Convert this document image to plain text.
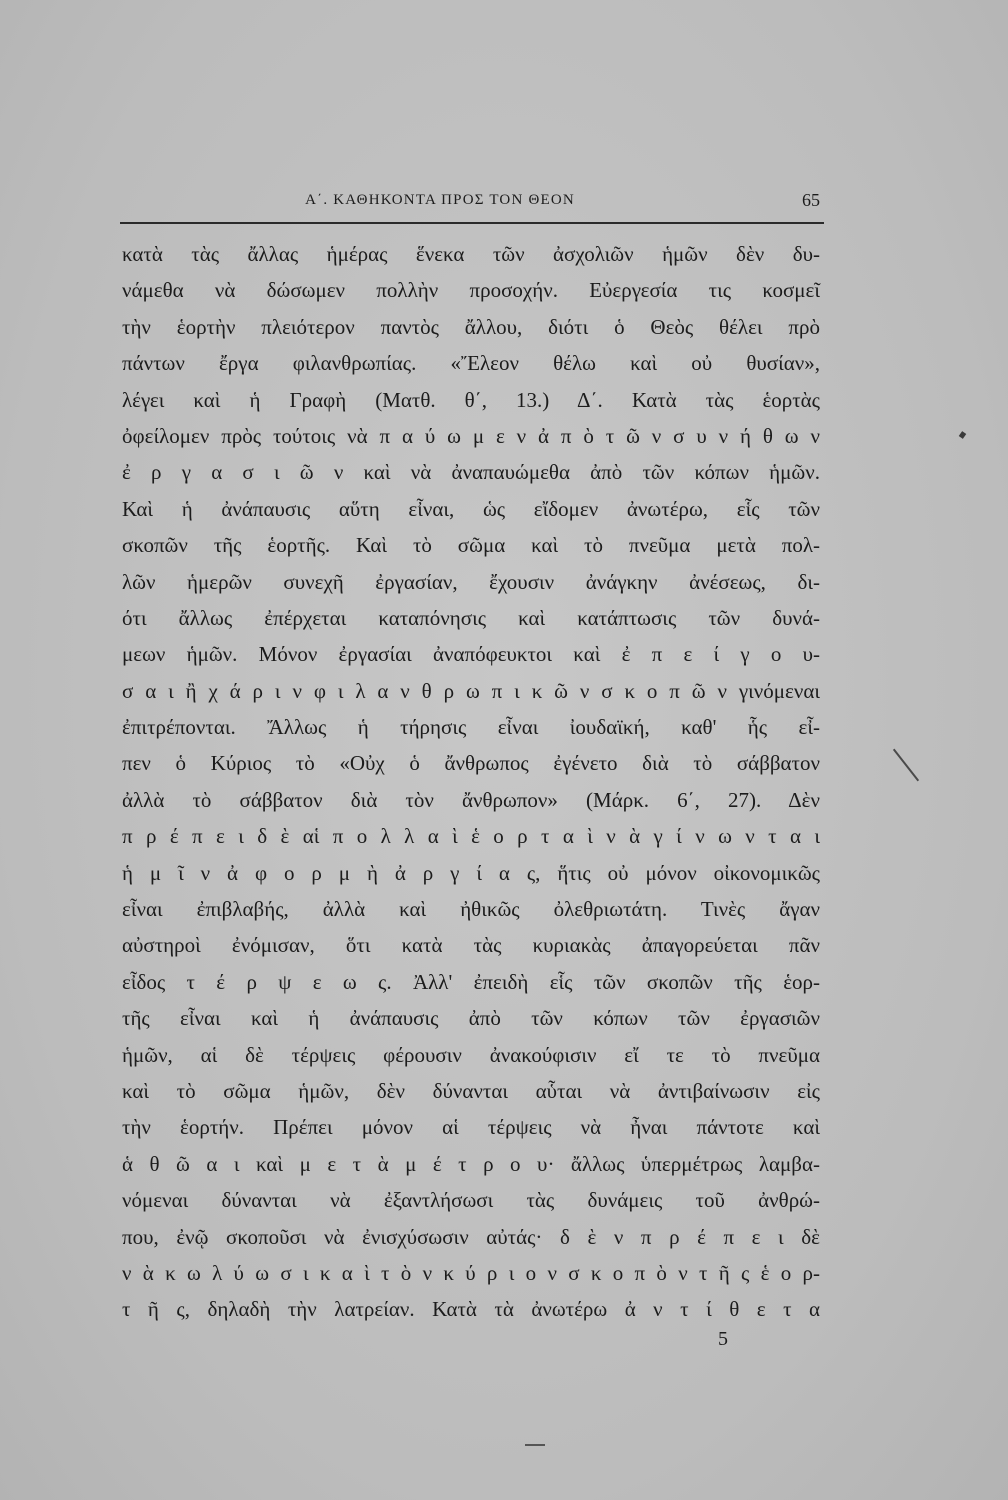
Α΄. ΚΑΘΗΚΟΝΤΑ ΠΡΟΣ ΤΟΝ ΘΕΟΝ	65
κατὰ τὰς ἄλλας ἡμέρας ἕνεκα τῶν ἀσχολιῶν ἡμῶν δὲν δυ-
νάμεθα νὰ δώσωμεν πολλὴν προσοχήν. Εὐεργεσία τις κοσμεῖ
τὴν ἑορτὴν πλειότερον παντὸς ἄλλου, διότι ὁ Θεὸς θέλει πρὸ
πάντων ἔργα φιλανθρωπίας. «Ἔλεον θέλω καὶ οὐ θυσίαν»,
λέγει καὶ ἡ Γραφὴ (Ματθ. θ΄, 13.) Δ΄. Κατὰ τὰς ἑορτὰς
ὀφείλομεν πρὸς τούτοις νὰ π α ύ ω μ ε ν ἀ π ὸ τ ῶ ν σ υ ν ή θ ω ν
ἐ ρ γ α σ ι ῶ ν καὶ νὰ ἀναπαυώμεθα ἀπὸ τῶν κόπων ἡμῶν.
Καὶ ἡ ἀνάπαυσις αὕτη εἶναι, ὡς εἴδομεν ἀνωτέρω, εἷς τῶν
σκοπῶν τῆς ἑορτῆς. Καὶ τὸ σῶμα καὶ τὸ πνεῦμα μετὰ πολ-
λῶν ἡμερῶν συνεχῆ ἐργασίαν, ἔχουσιν ἀνάγκην ἀνέσεως, δι-
ότι ἄλλως ἐπέρχεται καταπόνησις καὶ κατάπτωσις τῶν δυνά-
μεων ἡμῶν. Μόνον ἐργασίαι ἀναπόφευκτοι καὶ ἐ π ε ί γ ο υ-
σ α ι ἢ χ ά ρ ι ν φ ι λ α ν θ ρ ω π ι κ ῶ ν σ κ ο π ῶ ν γινόμεναι
ἐπιτρέπονται. Ἄλλως ἡ τήρησις εἶναι ἰουδαϊκή, καθ' ἧς εἶ-
πεν ὁ Κύριος τὸ «Οὐχ ὁ ἄνθρωπος ἐγένετο διὰ τὸ σάββατον
ἀλλὰ τὸ σάββατον διὰ τὸν ἄνθρωπον» (Μάρκ. 6΄, 27). Δὲν
π ρ έ π ε ι δ ὲ αἱ π ο λ λ α ὶ ἑ ο ρ τ α ὶ ν ὰ γ ί ν ω ν τ α ι
ἡ μ ῖ ν ἀ φ ο ρ μ ὴ ἀ ρ γ ί α ς, ἥτις οὐ μόνον οἰκονομικῶς
εἶναι ἐπιβλαβής, ἀλλὰ καὶ ἠθικῶς ὀλεθριωτάτη. Τινὲς ἄγαν
αὐστηροὶ ἐνόμισαν, ὅτι κατὰ τὰς κυριακὰς ἀπαγορεύεται πᾶν
εἶδος τ έ ρ ψ ε ω ς. Ἀλλ' ἐπειδὴ εἷς τῶν σκοπῶν τῆς ἑορ-
τῆς εἶναι καὶ ἡ ἀνάπαυσις ἀπὸ τῶν κόπων τῶν ἐργασιῶν
ἡμῶν, αἱ δὲ τέρψεις φέρουσιν ἀνακούφισιν εἴ τε τὸ πνεῦμα
καὶ τὸ σῶμα ἡμῶν, δὲν δύνανται αὗται νὰ ἀντιβαίνωσιν εἰς
τὴν ἑορτήν. Πρέπει μόνον αἱ τέρψεις νὰ ἦναι πάντοτε καὶ
ἁ θ ῶ α ι καὶ μ ε τ ὰ μ έ τ ρ ο υ· ἄλλως ὑπερμέτρως λαμβα-
νόμεναι δύνανται νὰ ἐξαντλήσωσι τὰς δυνάμεις τοῦ ἀνθρώ-
που, ἐνῷ σκοποῦσι νὰ ἐνισχύσωσιν αὐτάς· δ ὲ ν π ρ έ π ε ι δὲ
ν ὰ κ ω λ ύ ω σ ι κ α ὶ τ ὸ ν κ ύ ρ ι ο ν σ κ ο π ὸ ν τ ῆ ς ἑ ο ρ-
τ ῆ ς, δηλαδὴ τὴν λατρείαν. Κατὰ τὰ ἀνωτέρω ἀ ν τ ί θ ε τ α
5
